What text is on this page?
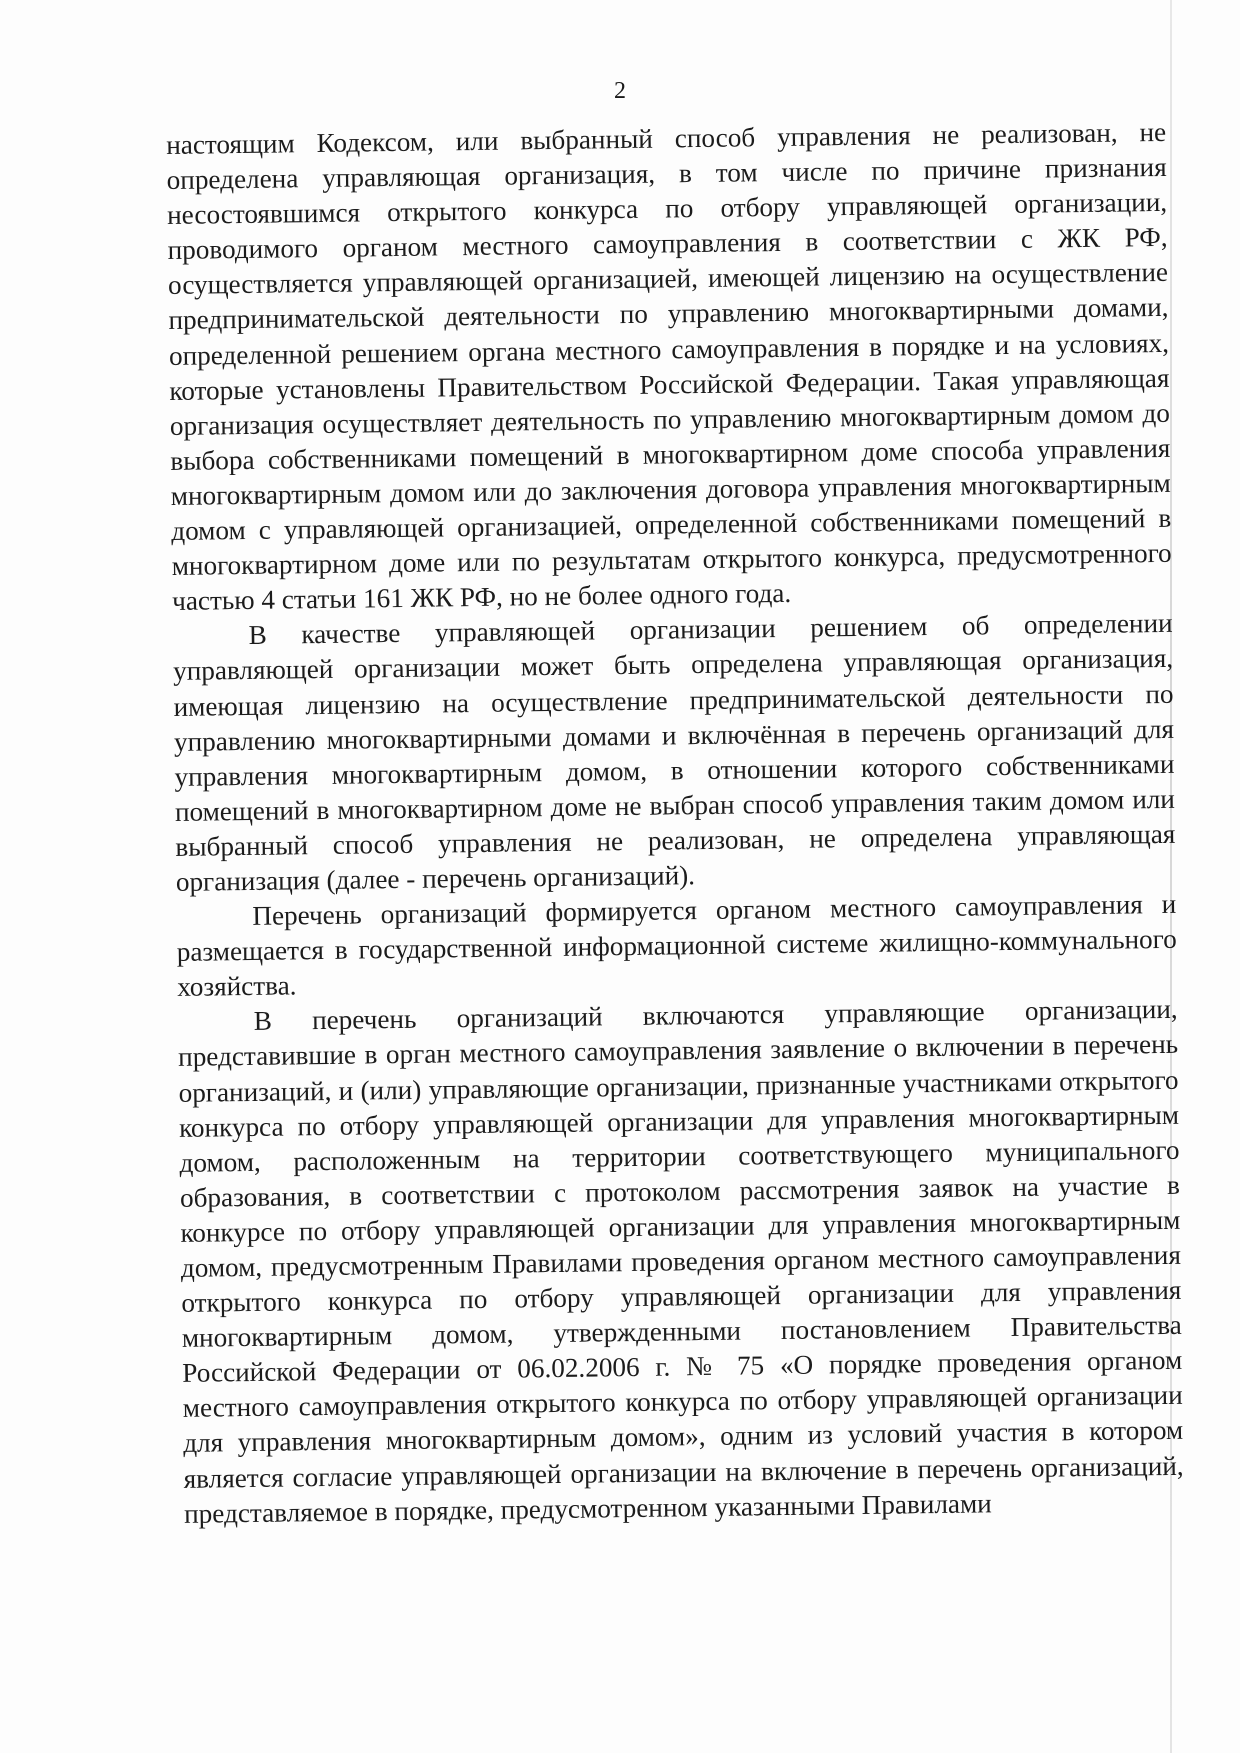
2

настоящим Кодексом, или выбранный способ управления не реализован, не определена управляющая организация, в том числе по причине признания несостоявшимся открытого конкурса по отбору управляющей организации, проводимого органом местного самоуправления в соответствии с ЖК РФ, осуществляется управляющей организацией, имеющей лицензию на осуществление предпринимательской деятельности по управлению многоквартирными домами, определенной решением органа местного самоуправления в порядке и на условиях, которые установлены Правительством Российской Федерации. Такая управляющая организация осуществляет деятельность по управлению многоквартирным домом до выбора собственниками помещений в многоквартирном доме способа управления многоквартирным домом или до заключения договора управления многоквартирным домом с управляющей организацией, определенной собственниками помещений в многоквартирном доме или по результатам открытого конкурса, предусмотренного частью 4 статьи 161 ЖК РФ, но не более одного года.

В качестве управляющей организации решением об определении управляющей организации может быть определена управляющая организация, имеющая лицензию на осуществление предпринимательской деятельности по управлению многоквартирными домами и включённая в перечень организаций для управления многоквартирным домом, в отношении которого собственниками помещений в многоквартирном доме не выбран способ управления таким домом или выбранный способ управления не реализован, не определена управляющая организация (далее - перечень организаций).

Перечень организаций формируется органом местного самоуправления и размещается в государственной информационной системе жилищно-коммунального хозяйства.

В перечень организаций включаются управляющие организации, представившие в орган местного самоуправления заявление о включении в перечень организаций, и (или) управляющие организации, признанные участниками открытого конкурса по отбору управляющей организации для управления многоквартирным домом, расположенным на территории соответствующего муниципального образования, в соответствии с протоколом рассмотрения заявок на участие в конкурсе по отбору управляющей организации для управления многоквартирным домом, предусмотренным Правилами проведения органом местного самоуправления открытого конкурса по отбору управляющей организации для управления многоквартирным домом, утвержденными постановлением Правительства Российской Федерации от 06.02.2006 г. № 75 «О порядке проведения органом местного самоуправления открытого конкурса по отбору управляющей организации для управления многоквартирным домом», одним из условий участия в котором является согласие управляющей организации на включение в перечень организаций, представляемое в порядке, предусмотренном указанными Правилами
